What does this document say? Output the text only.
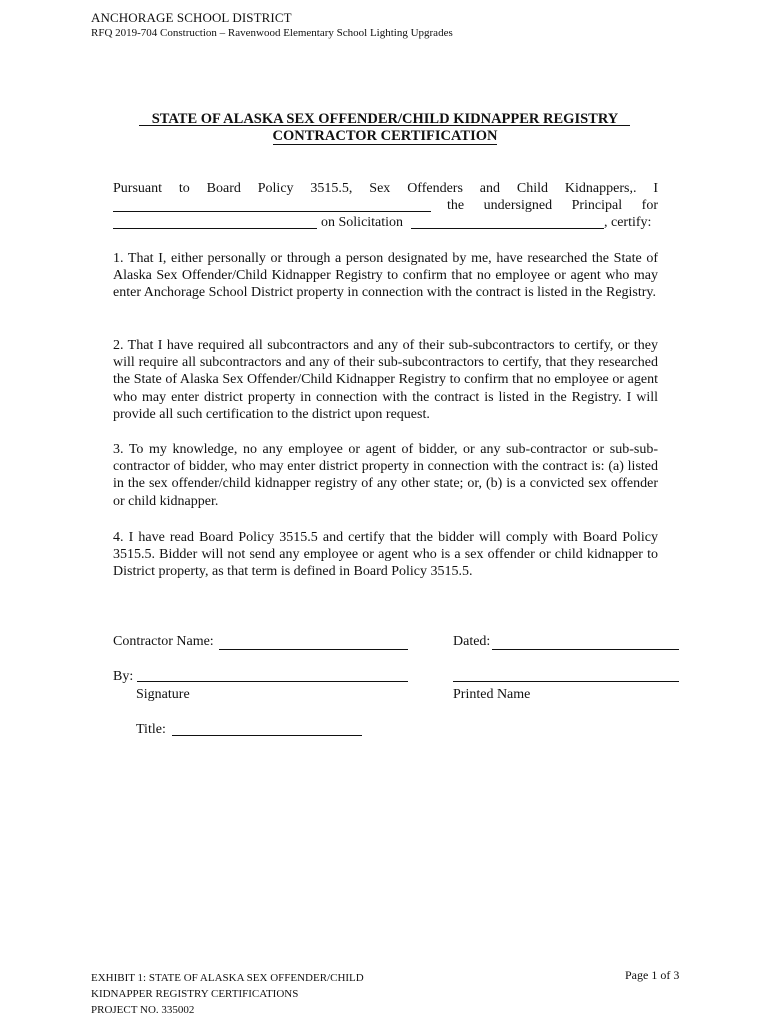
ANCHORAGE SCHOOL DISTRICT
RFQ 2019-704 Construction – Ravenwood Elementary School Lighting Upgrades
STATE OF ALASKA SEX OFFENDER/CHILD KIDNAPPER REGISTRY
CONTRACTOR CERTIFICATION
Pursuant to Board Policy 3515.5, Sex Offenders and Child Kidnappers,. I
the undersigned Principal for
on Solicitation	, certify:
1. That I, either personally or through a person designated by me, have researched the State of Alaska Sex Offender/Child Kidnapper Registry to confirm that no employee or agent who may enter Anchorage School District property in connection with the contract is listed in the Registry.
2. That I have required all subcontractors and any of their sub-subcontractors to certify, or they will require all subcontractors and any of their sub-subcontractors to certify, that they researched the State of Alaska Sex Offender/Child Kidnapper Registry to confirm that no employee or agent who may enter district property in connection with the contract is listed in the Registry. I will provide all such certification to the district upon request.
3. To my knowledge, no any employee or agent of bidder, or any sub-contractor or sub-sub-contractor of bidder, who may enter district property in connection with the contract is: (a) listed in the sex offender/child kidnapper registry of any other state; or, (b) is a convicted sex offender or child kidnapper.
4. I have read Board Policy 3515.5 and certify that the bidder will comply with Board Policy 3515.5. Bidder will not send any employee or agent who is a sex offender or child kidnapper to District property, as that term is defined in Board Policy 3515.5.
Contractor Name:	Dated:
By:
Signature	Printed Name
Title:
EXHIBIT 1: STATE OF ALASKA SEX OFFENDER/CHILD
KIDNAPPER REGISTRY CERTIFICATIONS
PROJECT NO. 335002
Page 1 of 3
